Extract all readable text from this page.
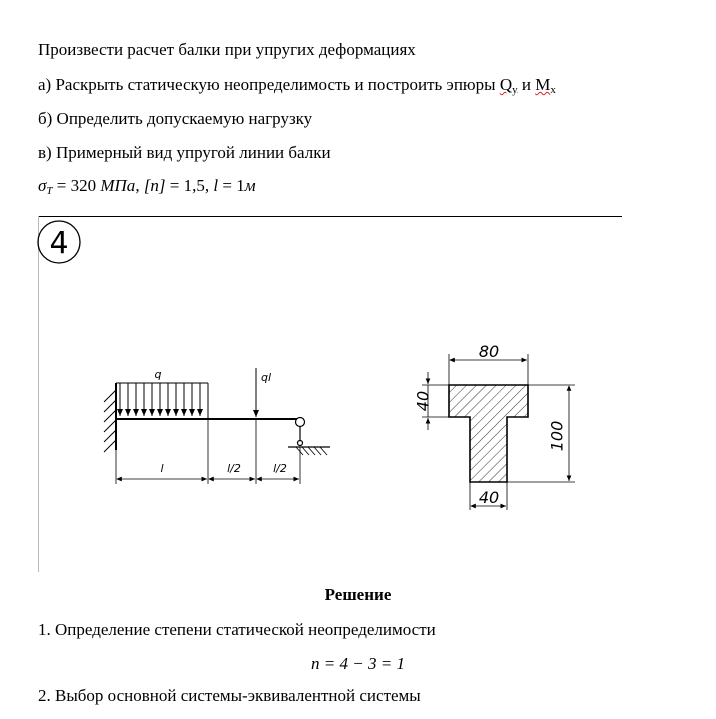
Произвести расчет балки при упругих деформациях
а) Раскрыть статическую неопределимость и построить эпюры $Q_y$ и $M_x$
б) Определить допускаемую нагрузку
в) Примерный вид упругой линии балки
$\sigma_T = 320$ МПа, [n] = 1,5, l = 1м
4
q	ql
l	l/2	l/2
80
40
100
40
Решение
1. Определение степени статической неопределимости
n = 4 − 3 = 1
2. Выбор основной системы-эквивалентной системы
